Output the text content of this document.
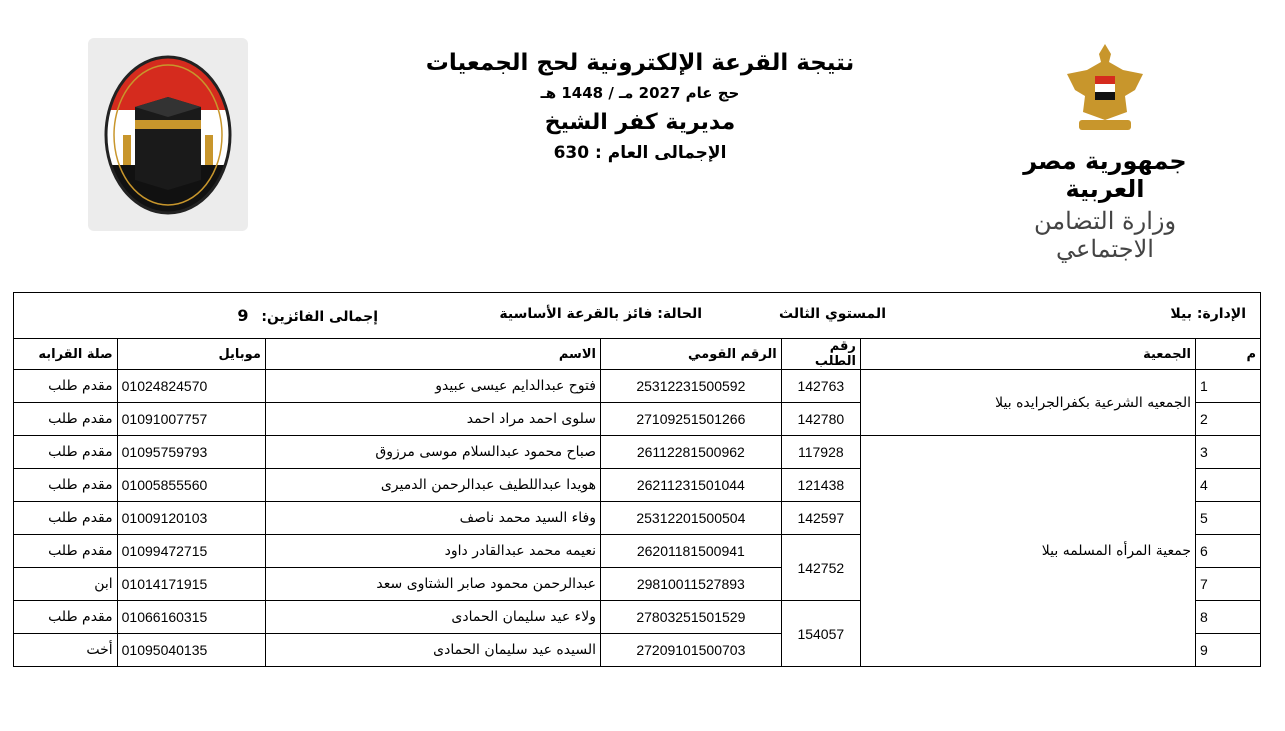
نتيجة القرعة الإلكترونية لحج الجمعيات
حج عام 2027 مـ / 1448 هـ
مديرية كفر الشيخ
الإجمالى العام : 630	جمهورية مصر العربية
وزارة التضامن الاجتماعي
الإدارة: بيلا
المستوي الثالث
الحالة: فائز بالقرعة الأساسية
إجمالى الفائزين: 9						

م	الجمعية	رقم الطلب	الرقم القومي	الاسم	موبايل	صلة القرابه
1	الجمعيه الشرعية بكفرالجرايده بيلا	142763	25312231500592	فتوح عبدالدايم عيسى عبيدو	01024824570	مقدم طلب
2		142780	27109251501266	سلوى احمد مراد احمد	01091007757	مقدم طلب
3	جمعية المرأه المسلمه بيلا	117928	26112281500962	صباح محمود عبدالسلام موسى مرزوق	01095759793	مقدم طلب
4		121438	26211231501044	هويدا عبداللطيف عبدالرحمن الدميرى	01005855560	مقدم طلب
5		142597	25312201500504	وفاء السيد محمد ناصف	01009120103	مقدم طلب
6		142752	26201181500941	نعيمه محمد عبدالقادر داود	01099472715	مقدم طلب
7			29810011527893	عبدالرحمن محمود صابر الشتاوى سعد	01014171915	ابن
8		154057	27803251501529	ولاء عيد سليمان الحمادى	01066160315	مقدم طلب
9			27209101500703	السيده عيد سليمان الحمادى	01095040135	أخت
